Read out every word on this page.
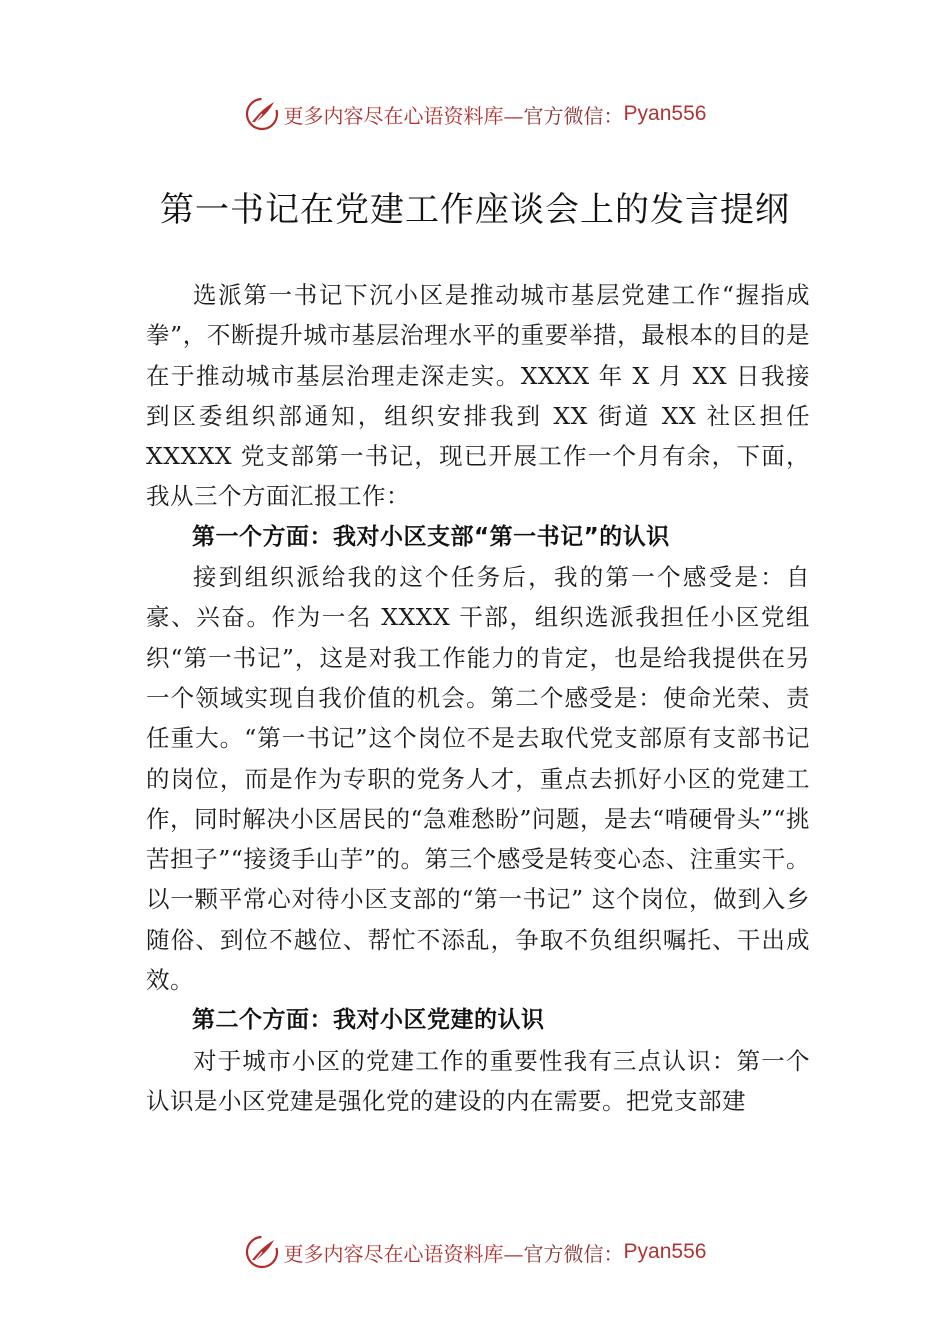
更多内容尽在心语资料库— 官方微信： Pyan556
第一书记在党建工作座谈会上的发言提纲

选派第一书记下沉小区是推动城市基层党建工作“握指成拳”，不断提升城市基层治理水平的重要举措，最根本的目的是在于推动城市基层治理走深走实。XXXX 年 X 月 XX 日我接到区委组织部通知，组织安排我到 XX 街道 XX 社区担任 XXXXX 党支部第一书记，现已开展工作一个月有余，下面，我从三个方面汇报工作：

第一个方面：我对小区支部“第一书记”的认识

接到组织派给我的这个任务后，我的第一个感受是：自豪、兴奋。作为一名 XXXX 干部，组织选派我担任小区党组织“第一书记”，这是对我工作能力的肯定，也是给我提供在另一个领域实现自我价值的机会。第二个感受是：使命光荣、责任重大。“第一书记”这个岗位不是去取代党支部原有支部书记的岗位，而是作为专职的党务人才，重点去抓好小区的党建工作，同时解决小区居民的“急难愁盼”问题，是去“啃硬骨头”“挑苦担子”“接烫手山芋”的。第三个感受是转变心态、注重实干。以一颗平常心对待小区支部的“第一书记” 这个岗位，做到入乡随俗、到位不越位、帮忙不添乱，争取不负组织嘱托、干出成效。

第二个方面：我对小区党建的认识

对于城市小区的党建工作的重要性我有三点认识：第一个认识是小区党建是强化党的建设的内在需要。把党支部建

更多内容尽在心语资料库— 官方微信： Pyan556
